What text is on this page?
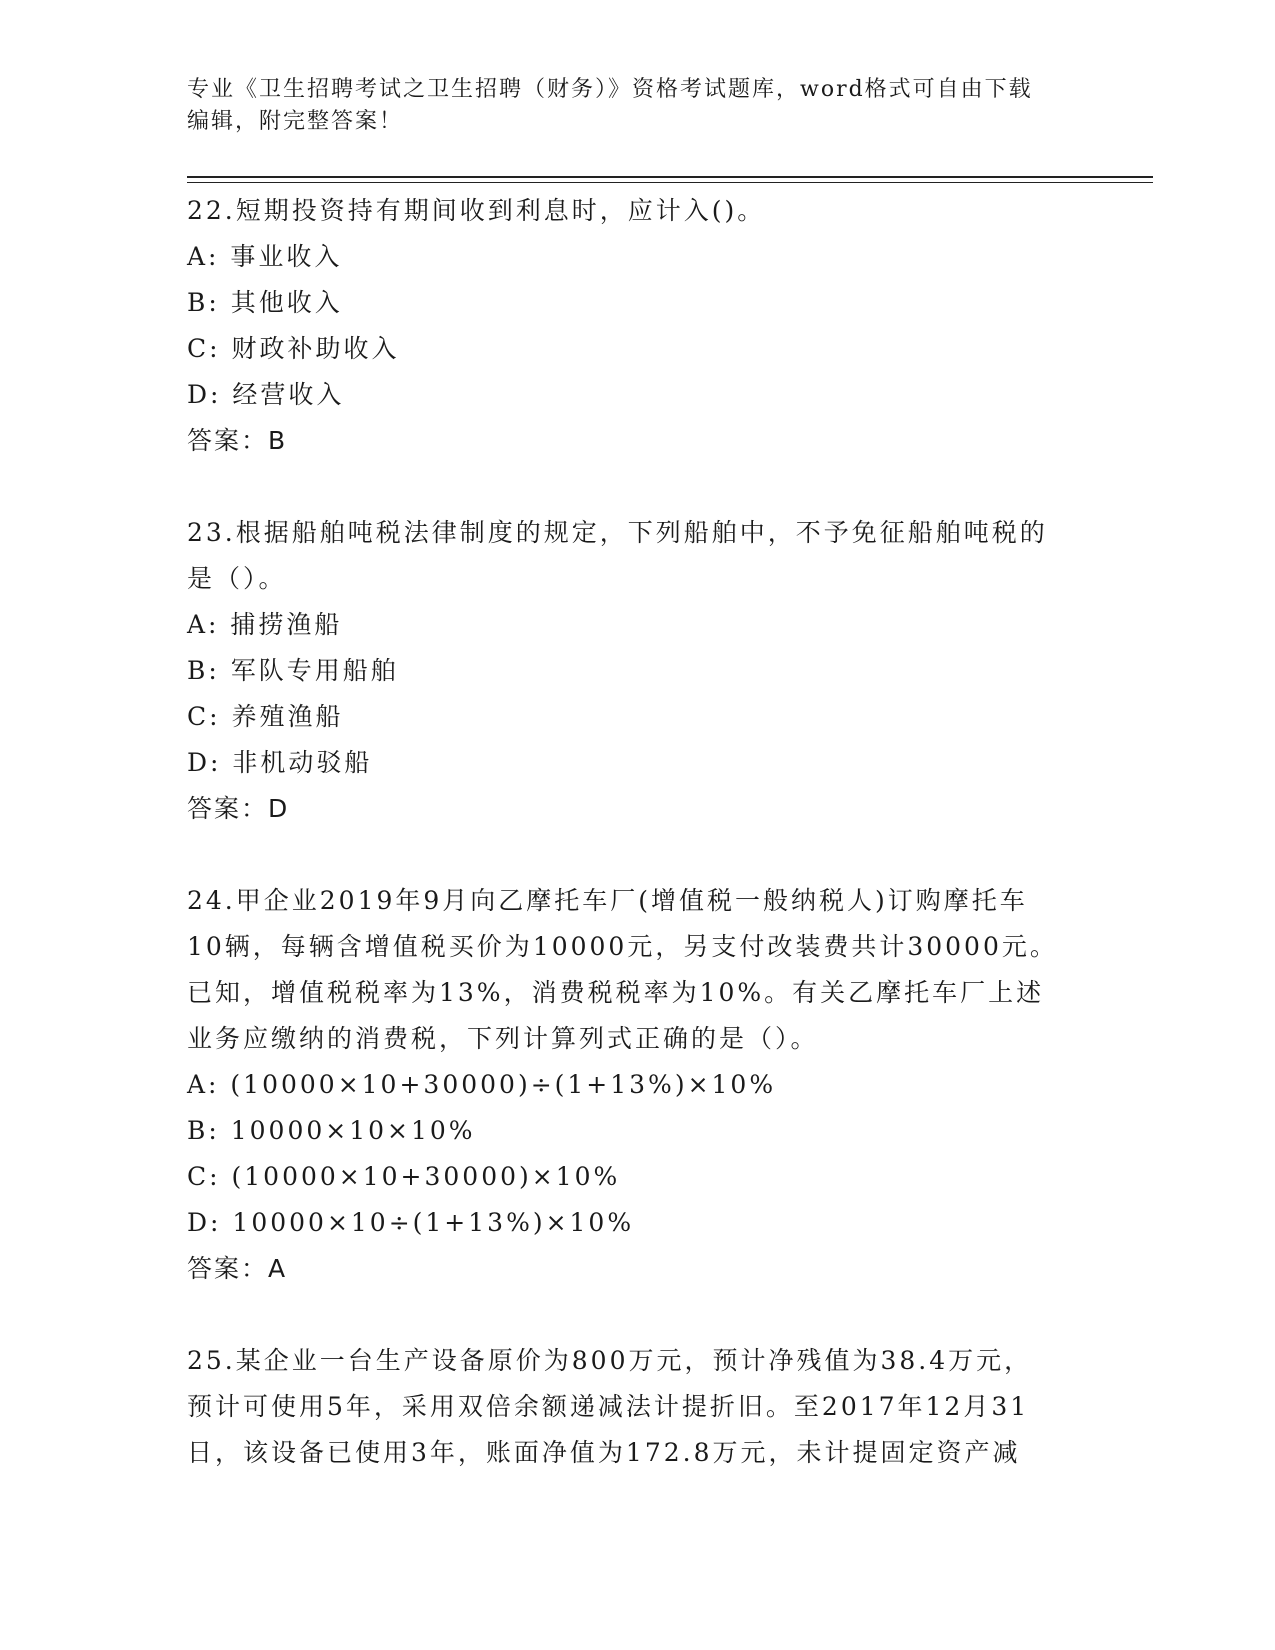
专业《卫生招聘考试之卫生招聘（财务）》资格考试题库，word格式可自由下载
编辑，附完整答案！
22.短期投资持有期间收到利息时，应计入()。
A: 事业收入
B: 其他收入
C: 财政补助收入
D: 经营收入
答案：B
23.根据船舶吨税法律制度的规定，下列船舶中，不予免征船舶吨税的
是（）。
A: 捕捞渔船
B: 军队专用船舶
C: 养殖渔船
D: 非机动驳船
答案：D
24.甲企业2019年9月向乙摩托车厂(增值税一般纳税人)订购摩托车
10辆，每辆含增值税买价为10000元，另支付改装费共计30000元。
已知，增值税税率为13%，消费税税率为10%。有关乙摩托车厂上述
业务应缴纳的消费税，下列计算列式正确的是（）。
A: (10000×10+30000)÷(1+13%)×10%
B: 10000×10×10%
C: (10000×10+30000)×10%
D: 10000×10÷(1+13%)×10%
答案：A
25.某企业一台生产设备原价为800万元，预计净残值为38.4万元，
预计可使用5年，采用双倍余额递减法计提折旧。至2017年12月31
日，该设备已使用3年，账面净值为172.8万元，未计提固定资产减
